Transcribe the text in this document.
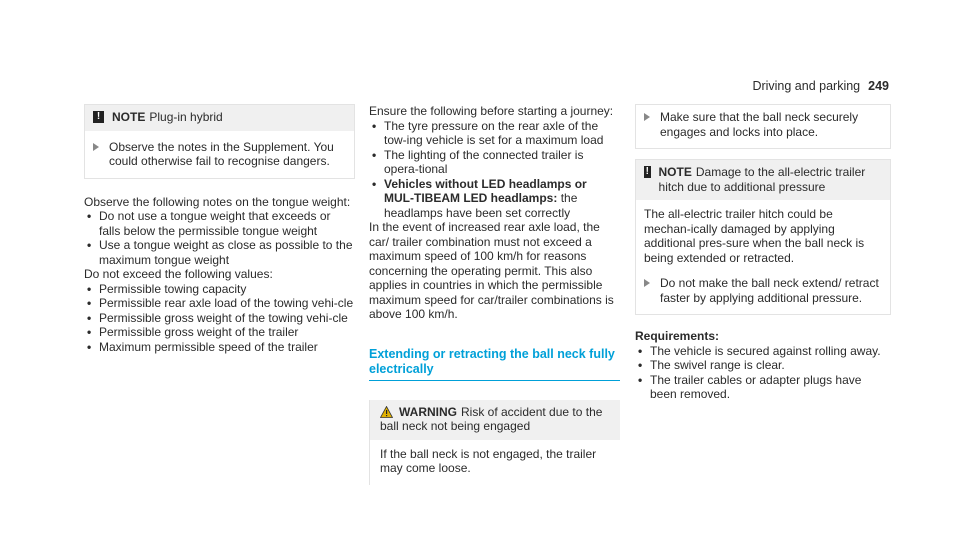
Driving and parking 249
! NOTE Plug-in hybrid
Observe the notes in the Supplement. You could otherwise fail to recognise dangers.

Observe the following notes on the tongue weight:

• Do not use a tongue weight that exceeds or falls below the permissible tongue weight
• Use a tongue weight as close as possible to the maximum tongue weight

Do not exceed the following values:

• Permissible towing capacity
• Permissible rear axle load of the towing vehi-cle
• Permissible gross weight of the towing vehi-cle
• Permissible gross weight of the trailer
• Maximum permissible speed of the trailer

Ensure the following before starting a journey:

• The tyre pressure on the rear axle of the tow-ing vehicle is set for a maximum load
• The lighting of the connected trailer is opera-tional
• Vehicles without LED headlamps or MUL-TIBEAM LED headlamps: the headlamps have been set correctly

In the event of increased rear axle load, the car/ trailer combination must not exceed a maximum speed of 100 km/h for reasons concerning the operating permit. This also applies in countries in which the permissible maximum speed for car/trailer combinations is above 100 km/h.

Extending or retracting the ball neck fully electrically
WARNING Risk of accident due to the ball neck not being engaged
If the ball neck is not engaged, the trailer may come loose.
Make sure that the ball neck securely engages and locks into place.
! NOTE Damage to the all-electric trailer hitch due to additional pressure

The all-electric trailer hitch could be mechan-ically damaged by applying additional pres-sure when the ball neck is being extended or retracted.

Do not make the ball neck extend/ retract faster by applying additional pressure.

Requirements:

• The vehicle is secured against rolling away.
• The swivel range is clear.
• The trailer cables or adapter plugs have been removed.
